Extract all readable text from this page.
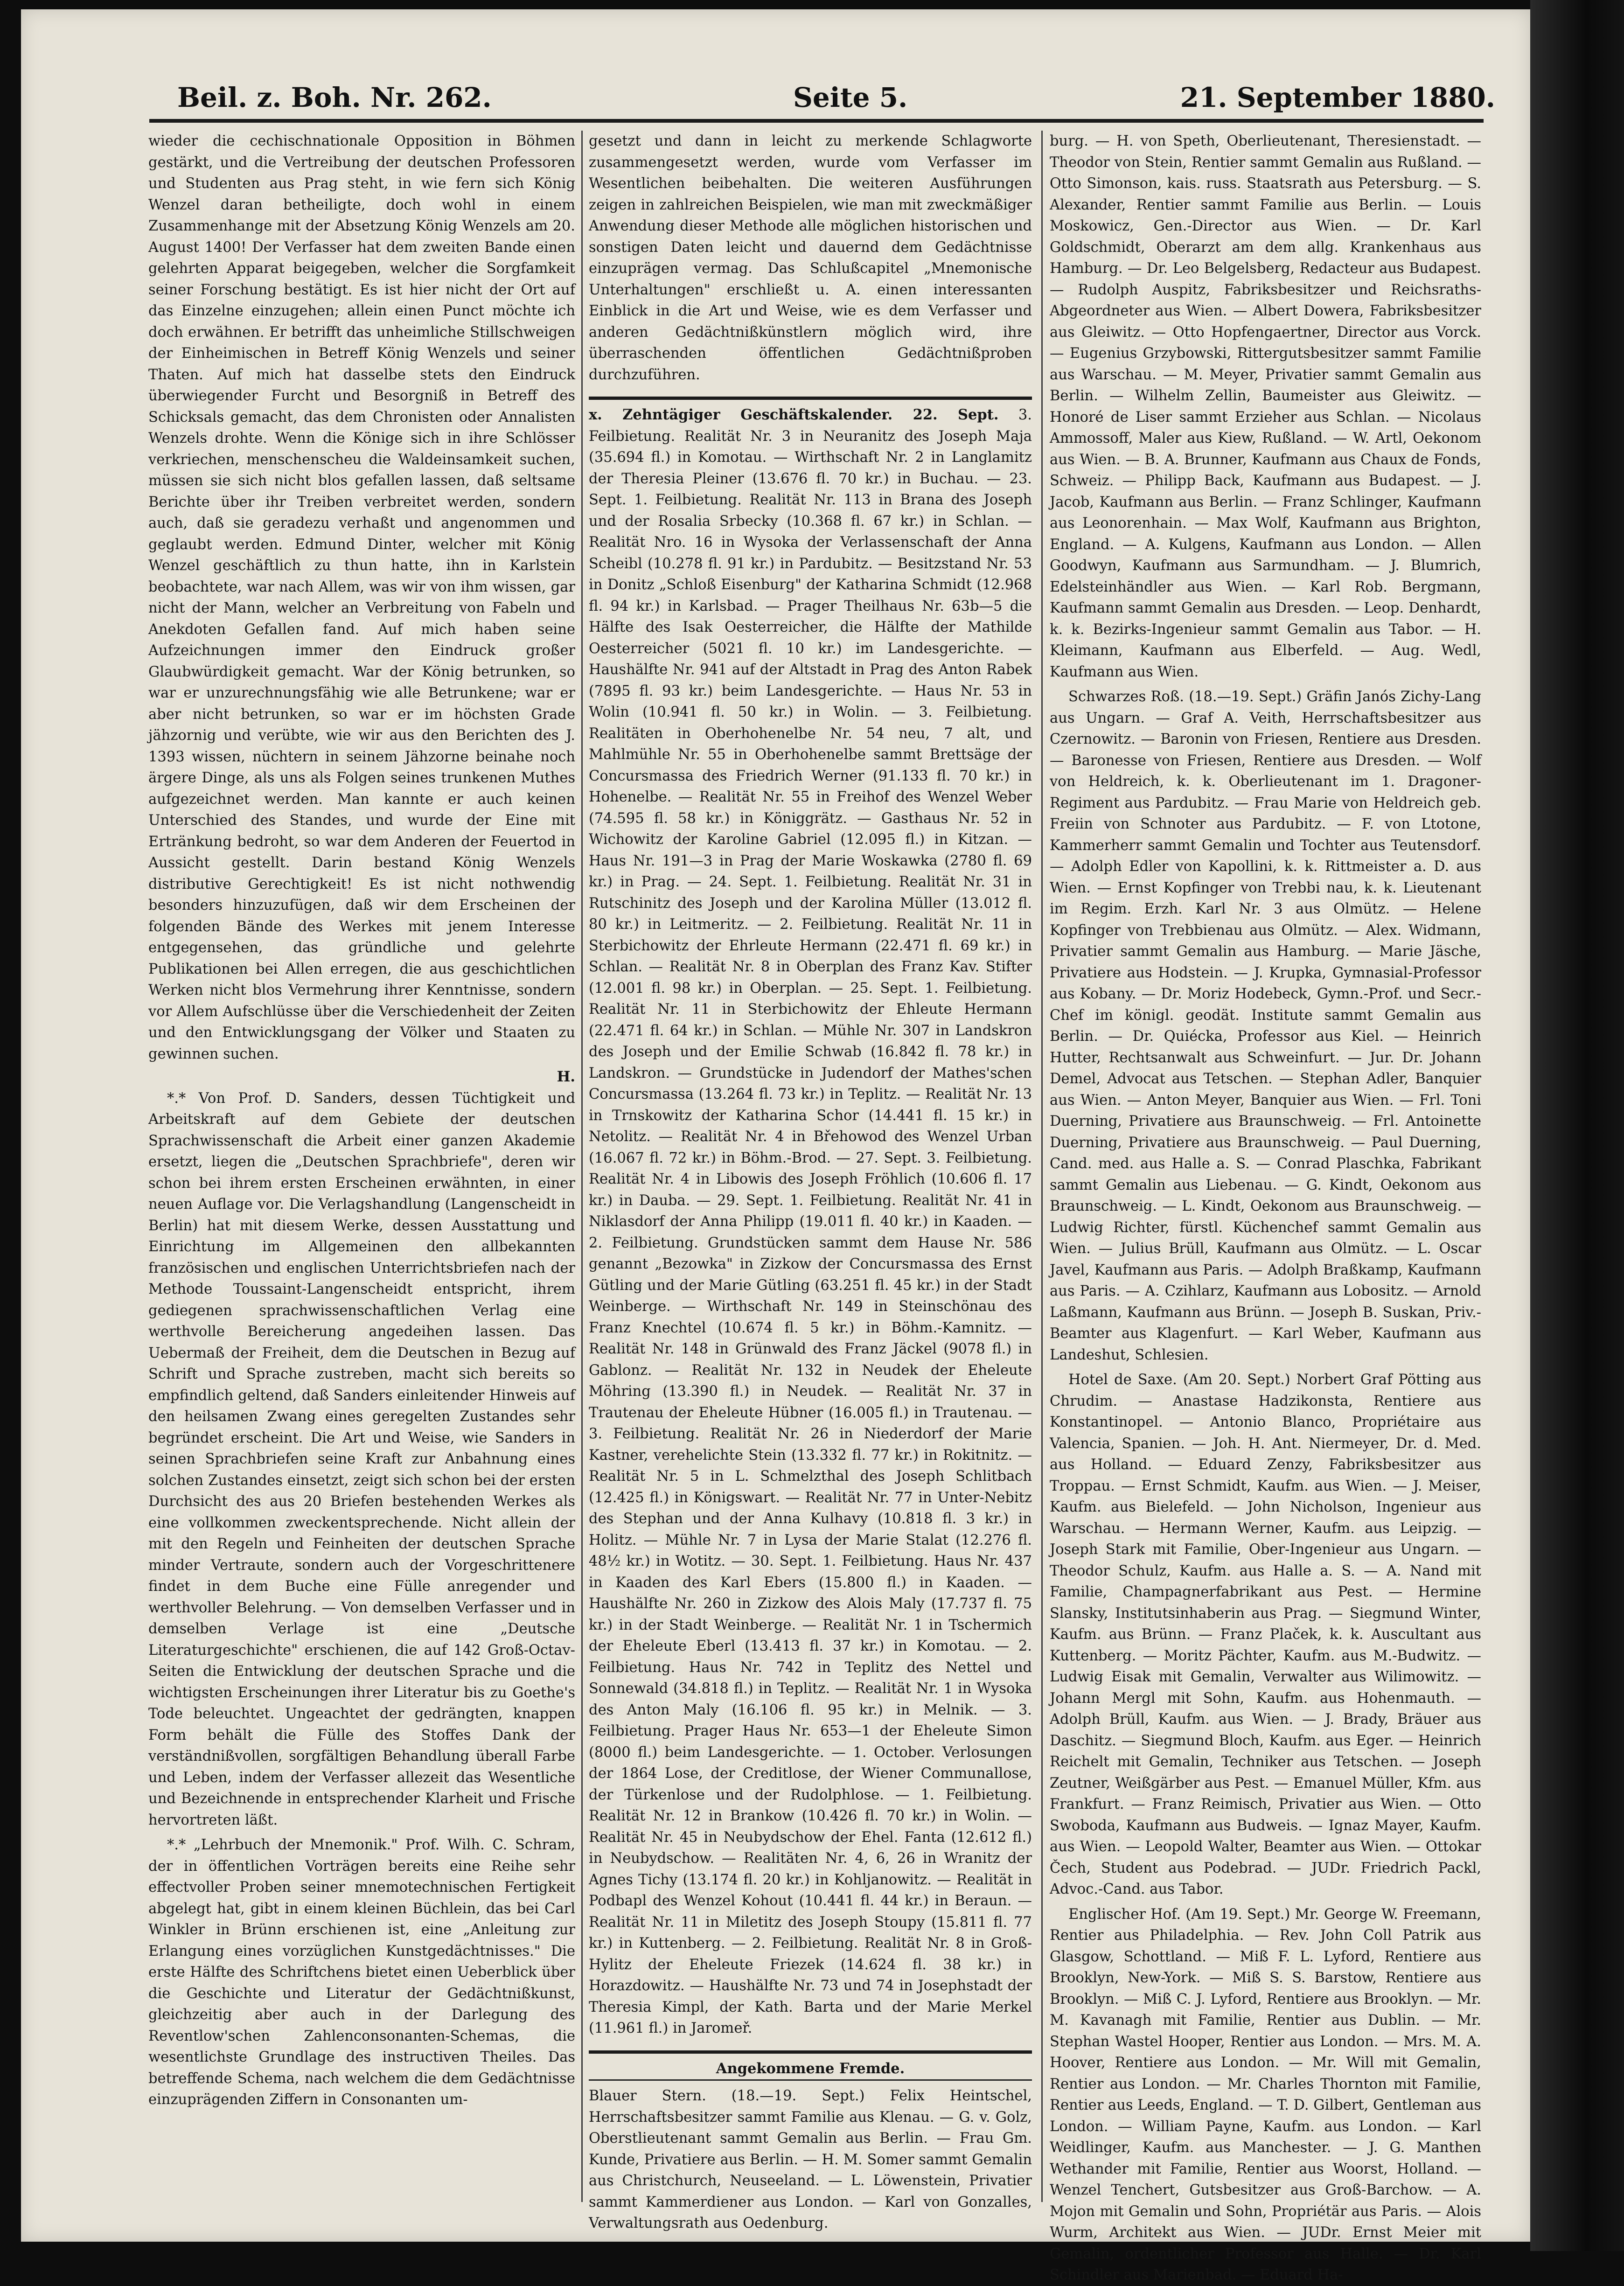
Beil. z. Boh. Nr. 262.	Seite 5.	21. September 1880.

wieder die cechischnationale Opposition in Böhmen gestärkt, und die Vertreibung der deutschen Professoren und Studenten aus Prag steht, in wie fern sich König Wenzel daran betheiligte, doch wohl in einem Zusammenhange mit der Absetzung König Wenzels am 20. August 1400! Der Verfasser hat dem zweiten Bande einen gelehrten Apparat beigegeben, welcher die Sorgfamkeit seiner Forschung bestätigt. Es ist hier nicht der Ort auf das Einzelne einzugehen; allein einen Punct möchte ich doch erwähnen. Er betrifft das unheimliche Stillschweigen der Einheimischen in Betreff König Wenzels und seiner Thaten. Auf mich hat dasselbe stets den Eindruck überwiegender Furcht und Besorgniß in Betreff des Schicksals gemacht, das dem Chronisten oder Annalisten Wenzels drohte. Wenn die Könige sich in ihre Schlösser verkriechen, menschenscheu die Waldeinsamkeit suchen, müssen sie sich nicht blos gefallen lassen, daß seltsame Berichte über ihr Treiben verbreitet werden, sondern auch, daß sie geradezu verhaßt und angenommen und geglaubt werden. Edmund Dinter, welcher mit König Wenzel geschäftlich zu thun hatte, ihn in Karlstein beobachtete, war nach Allem, was wir von ihm wissen, gar nicht der Mann, welcher an Verbreitung von Fabeln und Anekdoten Gefallen fand. Auf mich haben seine Aufzeichnungen immer den Eindruck großer Glaubwürdigkeit gemacht. War der König betrunken, so war er unzurechnungsfähig wie alle Betrunkene; war er aber nicht betrunken, so war er im höchsten Grade jähzornig und verübte, wie wir aus den Berichten des J. 1393 wissen, nüchtern in seinem Jähzorne beinahe noch ärgere Dinge, als uns als Folgen seines trunkenen Muthes aufgezeichnet werden. Man kannte er auch keinen Unterschied des Standes, und wurde der Eine mit Ertränkung bedroht, so war dem Anderen der Feuertod in Aussicht gestellt. Darin bestand König Wenzels distributive Gerechtigkeit! Es ist nicht nothwendig besonders hinzuzufügen, daß wir dem Erscheinen der folgenden Bände des Werkes mit jenem Interesse entgegensehen, das gründliche und gelehrte Publikationen bei Allen erregen, die aus geschichtlichen Werken nicht blos Vermehrung ihrer Kenntnisse, sondern vor Allem Aufschlüsse über die Verschiedenheit der Zeiten und den Entwicklungsgang der Völker und Staaten zu gewinnen suchen.

H.

*.* Von Prof. D. Sanders, dessen Tüchtigkeit und Arbeitskraft auf dem Gebiete der deutschen Sprachwissenschaft die Arbeit einer ganzen Akademie ersetzt, liegen die „Deutschen Sprachbriefe", deren wir schon bei ihrem ersten Erscheinen erwähnten, in einer neuen Auflage vor. Die Verlagshandlung (Langenscheidt in Berlin) hat mit diesem Werke, dessen Ausstattung und Einrichtung im Allgemeinen den allbekannten französischen und englischen Unterrichtsbriefen nach der Methode Toussaint-Langenscheidt entspricht, ihrem gediegenen sprachwissenschaftlichen Verlag eine werthvolle Bereicherung angedeihen lassen. Das Uebermaß der Freiheit, dem die Deutschen in Bezug auf Schrift und Sprache zustreben, macht sich bereits so empfindlich geltend, daß Sanders einleitender Hinweis auf den heilsamen Zwang eines geregelten Zustandes sehr begründet erscheint. Die Art und Weise, wie Sanders in seinen Sprachbriefen seine Kraft zur Anbahnung eines solchen Zustandes einsetzt, zeigt sich schon bei der ersten Durchsicht des aus 20 Briefen bestehenden Werkes als eine vollkommen zweckentsprechende. Nicht allein der mit den Regeln und Feinheiten der deutschen Sprache minder Vertraute, sondern auch der Vorgeschrittenere findet in dem Buche eine Fülle anregender und werthvoller Belehrung. — Von demselben Verfasser und in demselben Verlage ist eine „Deutsche Literaturgeschichte" erschienen, die auf 142 Groß-Octav-Seiten die Entwicklung der deutschen Sprache und die wichtigsten Erscheinungen ihrer Literatur bis zu Goethe's Tode beleuchtet. Ungeachtet der gedrängten, knappen Form behält die Fülle des Stoffes Dank der verständnißvollen, sorgfältigen Behandlung überall Farbe und Leben, indem der Verfasser allezeit das Wesentliche und Bezeichnende in entsprechender Klarheit und Frische hervortreten läßt.

*.* „Lehrbuch der Mnemonik." Prof. Wilh. C. Schram, der in öffentlichen Vorträgen bereits eine Reihe sehr effectvoller Proben seiner mnemotechnischen Fertigkeit abgelegt hat, gibt in einem kleinen Büchlein, das bei Carl Winkler in Brünn erschienen ist, eine „Anleitung zur Erlangung eines vorzüglichen Kunstgedächtnisses." Die erste Hälfte des Schriftchens bietet einen Ueberblick über die Geschichte und Literatur der Gedächtnißkunst, gleichzeitig aber auch in der Darlegung des Reventlow'schen Zahlenconsonanten-Schemas, die wesentlichste Grundlage des instructiven Theiles. Das betreffende Schema, nach welchem die dem Gedächtnisse einzuprägenden Ziffern in Consonanten um-

gesetzt und dann in leicht zu merkende Schlagworte zusammengesetzt werden, wurde vom Verfasser im Wesentlichen beibehalten. Die weiteren Ausführungen zeigen in zahlreichen Beispielen, wie man mit zweckmäßiger Anwendung dieser Methode alle möglichen historischen und sonstigen Daten leicht und dauernd dem Gedächtnisse einzuprägen vermag. Das Schlußcapitel „Mnemonische Unterhaltungen" erschließt u. A. einen interessanten Einblick in die Art und Weise, wie es dem Verfasser und anderen Gedächtnißkünstlern möglich wird, ihre überraschenden öffentlichen Gedächtnißproben durchzuführen.

x. Zehntägiger Geschäftskalender. 22. Sept. 3. Feilbietung. Realität Nr. 3 in Neuranitz des Joseph Maja (35.694 fl.) in Komotau. — Wirthschaft Nr. 2 in Langlamitz der Theresia Pleiner (13.676 fl. 70 kr.) in Buchau. — 23. Sept. 1. Feilbietung. Realität Nr. 113 in Brana des Joseph und der Rosalia Srbecky (10.368 fl. 67 kr.) in Schlan. — Realität Nro. 16 in Wysoka der Verlassenschaft der Anna Scheibl (10.278 fl. 91 kr.) in Pardubitz. — Besitzstand Nr. 53 in Donitz „Schloß Eisenburg" der Katharina Schmidt (12.968 fl. 94 kr.) in Karlsbad. — Prager Theilhaus Nr. 63b—5 die Hälfte des Isak Oesterreicher, die Hälfte der Mathilde Oesterreicher (5021 fl. 10 kr.) im Landesgerichte. — Haushälfte Nr. 941 auf der Altstadt in Prag des Anton Rabek (7895 fl. 93 kr.) beim Landesgerichte. — Haus Nr. 53 in Wolin (10.941 fl. 50 kr.) in Wolin. — 3. Feilbietung. Realitäten in Oberhohenelbe Nr. 54 neu, 7 alt, und Mahlmühle Nr. 55 in Oberhohenelbe sammt Brettsäge der Concursmassa des Friedrich Werner (91.133 fl. 70 kr.) in Hohenelbe. — Realität Nr. 55 in Freihof des Wenzel Weber (74.595 fl. 58 kr.) in Königgrätz. — Gasthaus Nr. 52 in Wichowitz der Karoline Gabriel (12.095 fl.) in Kitzan. — Haus Nr. 191—3 in Prag der Marie Woskawka (2780 fl. 69 kr.) in Prag. — 24. Sept. 1. Feilbietung. Realität Nr. 31 in Rutschinitz des Joseph und der Karolina Müller (13.012 fl. 80 kr.) in Leitmeritz. — 2. Feilbietung. Realität Nr. 11 in Sterbichowitz der Ehrleute Hermann (22.471 fl. 69 kr.) in Schlan. — Realität Nr. 8 in Oberplan des Franz Kav. Stifter (12.001 fl. 98 kr.) in Oberplan. — 25. Sept. 1. Feilbietung. Realität Nr. 11 in Sterbichowitz der Ehleute Hermann (22.471 fl. 64 kr.) in Schlan. — Mühle Nr. 307 in Landskron des Joseph und der Emilie Schwab (16.842 fl. 78 kr.) in Landskron. — Grundstücke in Judendorf der Mathes'schen Concursmassa (13.264 fl. 73 kr.) in Teplitz. — Realität Nr. 13 in Trnskowitz der Katharina Schor (14.441 fl. 15 kr.) in Netolitz. — Realität Nr. 4 in Břehowod des Wenzel Urban (16.067 fl. 72 kr.) in Böhm.-Brod. — 27. Sept. 3. Feilbietung. Realität Nr. 4 in Libowis des Joseph Fröhlich (10.606 fl. 17 kr.) in Dauba. — 29. Sept. 1. Feilbietung. Realität Nr. 41 in Niklasdorf der Anna Philipp (19.011 fl. 40 kr.) in Kaaden. — 2. Feilbietung. Grundstücken sammt dem Hause Nr. 586 genannt „Bezowka" in Zizkow der Concursmassa des Ernst Gütling und der Marie Gütling (63.251 fl. 45 kr.) in der Stadt Weinberge. — Wirthschaft Nr. 149 in Steinschönau des Franz Knechtel (10.674 fl. 5 kr.) in Böhm.-Kamnitz. — Realität Nr. 148 in Grünwald des Franz Jäckel (9078 fl.) in Gablonz. — Realität Nr. 132 in Neudek der Eheleute Möhring (13.390 fl.) in Neudek. — Realität Nr. 37 in Trautenau der Eheleute Hübner (16.005 fl.) in Trautenau. — 3. Feilbietung. Realität Nr. 26 in Niederdorf der Marie Kastner, verehelichte Stein (13.332 fl. 77 kr.) in Rokitnitz. — Realität Nr. 5 in L. Schmelzthal des Joseph Schlitbach (12.425 fl.) in Königswart. — Realität Nr. 77 in Unter-Nebitz des Stephan und der Anna Kulhavy (10.818 fl. 3 kr.) in Holitz. — Mühle Nr. 7 in Lysa der Marie Stalat (12.276 fl. 48½ kr.) in Wotitz. — 30. Sept. 1. Feilbietung. Haus Nr. 437 in Kaaden des Karl Ebers (15.800 fl.) in Kaaden. — Haushälfte Nr. 260 in Zizkow des Alois Maly (17.737 fl. 75 kr.) in der Stadt Weinberge. — Realität Nr. 1 in Tschermich der Eheleute Eberl (13.413 fl. 37 kr.) in Komotau. — 2. Feilbietung. Haus Nr. 742 in Teplitz des Nettel und Sonnewald (34.818 fl.) in Teplitz. — Realität Nr. 1 in Wysoka des Anton Maly (16.106 fl. 95 kr.) in Melnik. — 3. Feilbietung. Prager Haus Nr. 653—1 der Eheleute Simon (8000 fl.) beim Landesgerichte. — 1. October. Verlosungen der 1864 Lose, der Creditlose, der Wiener Communallose, der Türkenlose und der Rudolphlose. — 1. Feilbietung. Realität Nr. 12 in Brankow (10.426 fl. 70 kr.) in Wolin. — Realität Nr. 45 in Neubydschow der Ehel. Fanta (12.612 fl.) in Neubydschow. — Realitäten Nr. 4, 6, 26 in Wranitz der Agnes Tichy (13.174 fl. 20 kr.) in Kohljanowitz. — Realität in Podbapl des Wenzel Kohout (10.441 fl. 44 kr.) in Beraun. — Realität Nr. 11 in Miletitz des Joseph Stoupy (15.811 fl. 77 kr.) in Kuttenberg. — 2. Feilbietung. Realität Nr. 8 in Groß-Hylitz der Eheleute Friezek (14.624 fl. 38 kr.) in Horazdowitz. — Haushälfte Nr. 73 und 74 in Josephstadt der Theresia Kimpl, der Kath. Barta und der Marie Merkel (11.961 fl.) in Jaromeř.

Angekommene Fremde.

Blauer Stern. (18.—19. Sept.) Felix Heintschel, Herrschaftsbesitzer sammt Familie aus Klenau. — G. v. Golz, Oberstlieutenant sammt Gemalin aus Berlin. — Frau Gm. Kunde, Privatiere aus Berlin. — H. M. Somer sammt Gemalin aus Christchurch, Neuseeland. — L. Löwenstein, Privatier sammt Kammerdiener aus London. — Karl von Gonzalles, Verwaltungsrath aus Oedenburg.

burg. — H. von Speth, Oberlieutenant, Theresienstadt. — Theodor von Stein, Rentier sammt Gemalin aus Rußland. — Otto Simonson, kais. russ. Staatsrath aus Petersburg. — S. Alexander, Rentier sammt Familie aus Berlin. — Louis Moskowicz, Gen.-Director aus Wien. — Dr. Karl Goldschmidt, Oberarzt am dem allg. Krankenhaus aus Hamburg. — Dr. Leo Belgelsberg, Redacteur aus Budapest. — Rudolph Auspitz, Fabriksbesitzer und Reichsraths-Abgeordneter aus Wien. — Albert Dowera, Fabriksbesitzer aus Gleiwitz. — Otto Hopfengaertner, Director aus Vorck. — Eugenius Grzybowski, Rittergutsbesitzer sammt Familie aus Warschau. — M. Meyer, Privatier sammt Gemalin aus Berlin. — Wilhelm Zellin, Baumeister aus Gleiwitz. — Honoré de Liser sammt Erzieher aus Schlan. — Nicolaus Ammossoff, Maler aus Kiew, Rußland. — W. Artl, Oekonom aus Wien. — B. A. Brunner, Kaufmann aus Chaux de Fonds, Schweiz. — Philipp Back, Kaufmann aus Budapest. — J. Jacob, Kaufmann aus Berlin. — Franz Schlinger, Kaufmann aus Leonorenhain. — Max Wolf, Kaufmann aus Brighton, England. — A. Kulgens, Kaufmann aus London. — Allen Goodwyn, Kaufmann aus Sarmundham. — J. Blumrich, Edelsteinhändler aus Wien. — Karl Rob. Bergmann, Kaufmann sammt Gemalin aus Dresden. — Leop. Denhardt, k. k. Bezirks-Ingenieur sammt Gemalin aus Tabor. — H. Kleimann, Kaufmann aus Elberfeld. — Aug. Wedl, Kaufmann aus Wien.

Schwarzes Roß. (18.—19. Sept.) Gräfin Janós Zichy-Lang aus Ungarn. — Graf A. Veith, Herrschaftsbesitzer aus Czernowitz. — Baronin von Friesen, Rentiere aus Dresden. — Baronesse von Friesen, Rentiere aus Dresden. — Wolf von Heldreich, k. k. Oberlieutenant im 1. Dragoner-Regiment aus Pardubitz. — Frau Marie von Heldreich geb. Freiin von Schnoter aus Pardubitz. — F. von Ltotone, Kammerherr sammt Gemalin und Tochter aus Teutensdorf. — Adolph Edler von Kapollini, k. k. Rittmeister a. D. aus Wien. — Ernst Kopfinger von Trebbi nau, k. k. Lieutenant im Regim. Erzh. Karl Nr. 3 aus Olmütz. — Helene Kopfinger von Trebbienau aus Olmütz. — Alex. Widmann, Privatier sammt Gemalin aus Hamburg. — Marie Jäsche, Privatiere aus Hodstein. — J. Krupka, Gymnasial-Professor aus Kobany. — Dr. Moriz Hodebeck, Gymn.-Prof. und Secr.-Chef im königl. geodät. Institute sammt Gemalin aus Berlin. — Dr. Quiécka, Professor aus Kiel. — Heinrich Hutter, Rechtsanwalt aus Schweinfurt. — Jur. Dr. Johann Demel, Advocat aus Tetschen. — Stephan Adler, Banquier aus Wien. — Anton Meyer, Banquier aus Wien. — Frl. Toni Duerning, Privatiere aus Braunschweig. — Frl. Antoinette Duerning, Privatiere aus Braunschweig. — Paul Duerning, Cand. med. aus Halle a. S. — Conrad Plaschka, Fabrikant sammt Gemalin aus Liebenau. — G. Kindt, Oekonom aus Braunschweig. — L. Kindt, Oekonom aus Braunschweig. — Ludwig Richter, fürstl. Küchenchef sammt Gemalin aus Wien. — Julius Brüll, Kaufmann aus Olmütz. — L. Oscar Javel, Kaufmann aus Paris. — Adolph Braßkamp, Kaufmann aus Paris. — A. Czihlarz, Kaufmann aus Lobositz. — Arnold Laßmann, Kaufmann aus Brünn. — Joseph B. Suskan, Priv.-Beamter aus Klagenfurt. — Karl Weber, Kaufmann aus Landeshut, Schlesien.

Hotel de Saxe. (Am 20. Sept.) Norbert Graf Pötting aus Chrudim. — Anastase Hadzikonsta, Rentiere aus Konstantinopel. — Antonio Blanco, Propriétaire aus Valencia, Spanien. — Joh. H. Ant. Niermeyer, Dr. d. Med. aus Holland. — Eduard Zenzy, Fabriksbesitzer aus Troppau. — Ernst Schmidt, Kaufm. aus Wien. — J. Meiser, Kaufm. aus Bielefeld. — John Nicholson, Ingenieur aus Warschau. — Hermann Werner, Kaufm. aus Leipzig. — Joseph Stark mit Familie, Ober-Ingenieur aus Ungarn. — Theodor Schulz, Kaufm. aus Halle a. S. — A. Nand mit Familie, Champagnerfabrikant aus Pest. — Hermine Slansky, Institutsinhaberin aus Prag. — Siegmund Winter, Kaufm. aus Brünn. — Franz Plaček, k. k. Auscultant aus Kuttenberg. — Moritz Pächter, Kaufm. aus M.-Budwitz. — Ludwig Eisak mit Gemalin, Verwalter aus Wilimowitz. — Johann Mergl mit Sohn, Kaufm. aus Hohenmauth. — Adolph Brüll, Kaufm. aus Wien. — J. Brady, Bräuer aus Daschitz. — Siegmund Bloch, Kaufm. aus Eger. — Heinrich Reichelt mit Gemalin, Techniker aus Tetschen. — Joseph Zeutner, Weißgärber aus Pest. — Emanuel Müller, Kfm. aus Frankfurt. — Franz Reimisch, Privatier aus Wien. — Otto Swoboda, Kaufmann aus Budweis. — Ignaz Mayer, Kaufm. aus Wien. — Leopold Walter, Beamter aus Wien. — Ottokar Čech, Student aus Podebrad. — JUDr. Friedrich Packl, Advoc.-Cand. aus Tabor.

Englischer Hof. (Am 19. Sept.) Mr. George W. Freemann, Rentier aus Philadelphia. — Rev. John Coll Patrik aus Glasgow, Schottland. — Miß F. L. Lyford, Rentiere aus Brooklyn, New-York. — Miß S. S. Barstow, Rentiere aus Brooklyn. — Miß C. J. Lyford, Rentiere aus Brooklyn. — Mr. M. Kavanagh mit Familie, Rentier aus Dublin. — Mr. Stephan Wastel Hooper, Rentier aus London. — Mrs. M. A. Hoover, Rentiere aus London. — Mr. Will mit Gemalin, Rentier aus London. — Mr. Charles Thornton mit Familie, Rentier aus Leeds, England. — T. D. Gilbert, Gentleman aus London. — William Payne, Kaufm. aus London. — Karl Weidlinger, Kaufm. aus Manchester. — J. G. Manthen Wethander mit Familie, Rentier aus Woorst, Holland. — Wenzel Tenchert, Gutsbesitzer aus Groß-Barchow. — A. Mojon mit Gemalin und Sohn, Propriétär aus Paris. — Alois Wurm, Architekt aus Wien. — JUDr. Ernst Meier mit Gemalin, ordentlicher Professor aus Halle. — Dr. Karl Schindler aus Marienbad. — Eduard Ha-
